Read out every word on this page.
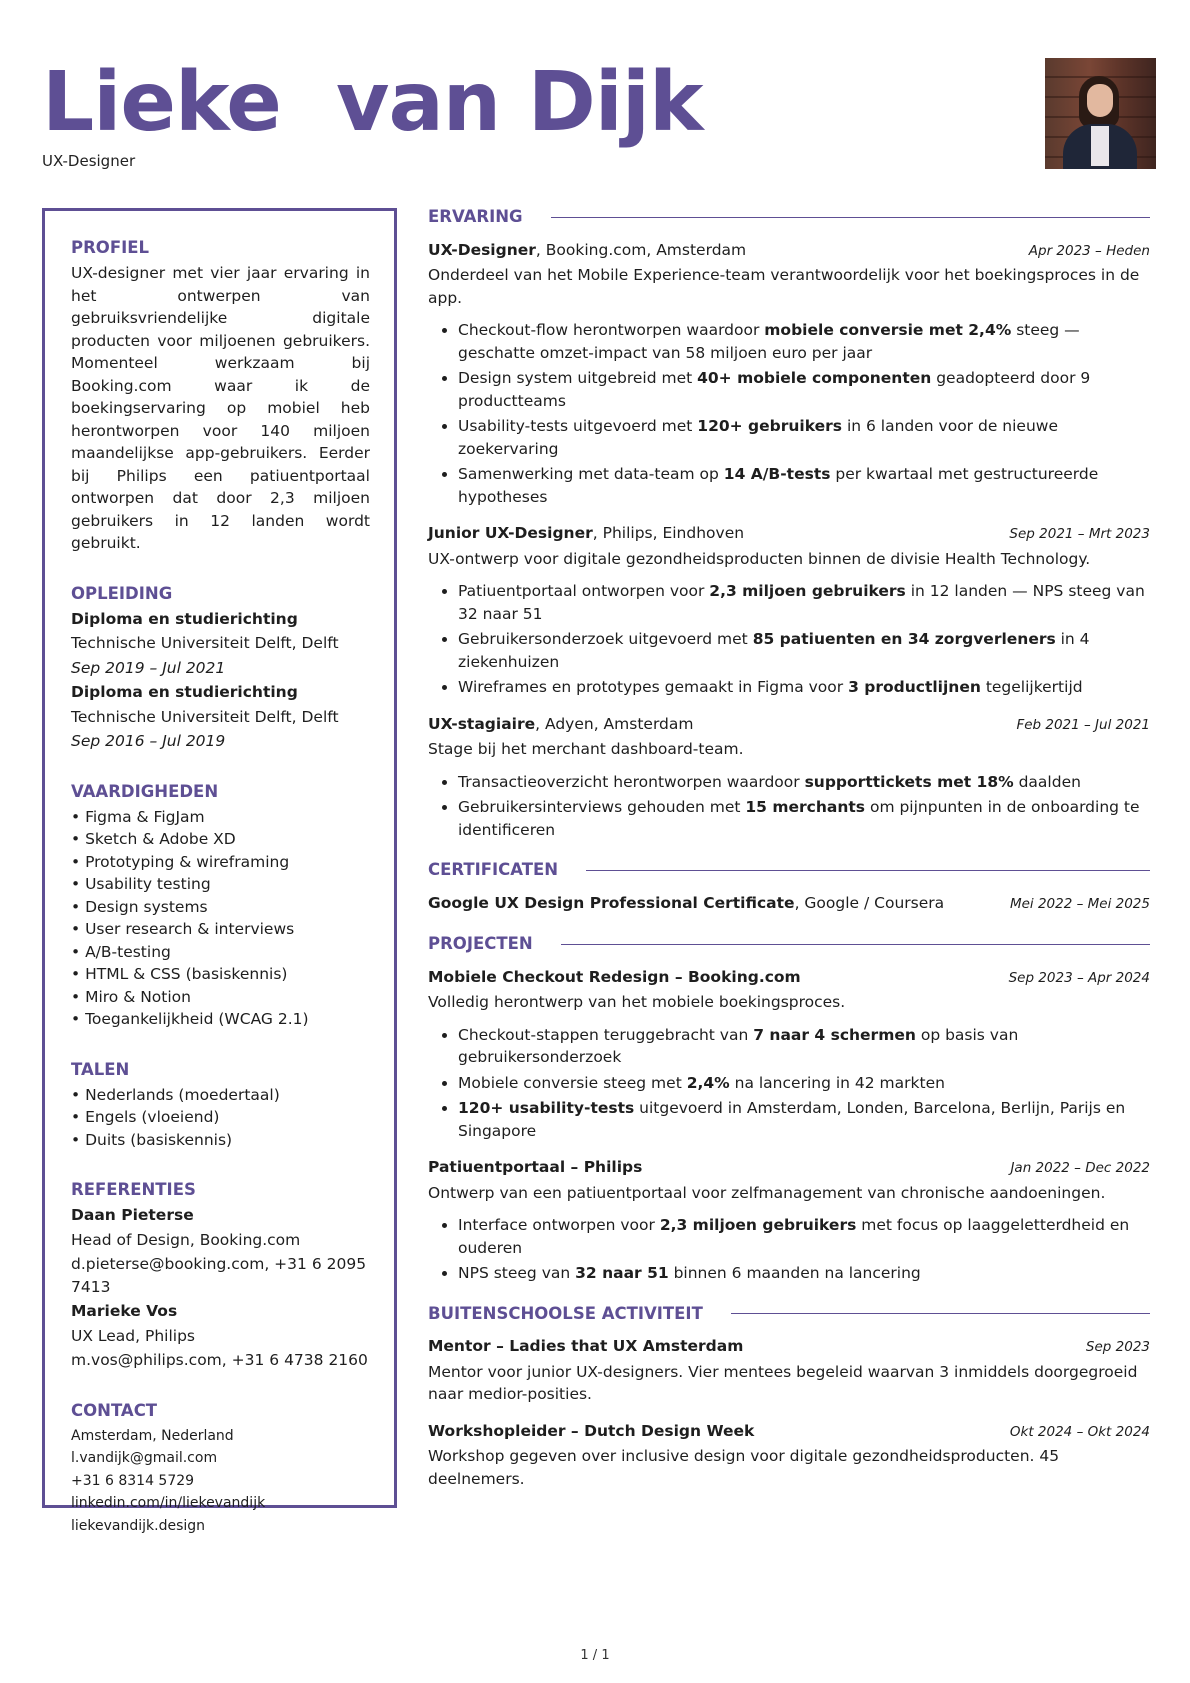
Lieke  van Dijk
UX-Designer
PROFIEL
UX-designer met vier jaar ervaring in het ontwerpen van gebruiksvriendelijke digitale producten voor miljoenen gebruikers. Momenteel werkzaam bij Booking.com waar ik de boekingservaring op mobiel heb herontworpen voor 140 miljoen maandelijkse app-gebruikers. Eerder bij Philips een patiuentportaal ontworpen dat door 2,3 miljoen gebruikers in 12 landen wordt gebruikt.
OPLEIDING
Diploma en studierichting
Technische Universiteit Delft, Delft
Sep 2019 – Jul 2021
Diploma en studierichting
Technische Universiteit Delft, Delft
Sep 2016 – Jul 2019
VAARDIGHEDEN
• Figma & FigJam
• Sketch & Adobe XD
• Prototyping & wireframing
• Usability testing
• Design systems
• User research & interviews
• A/B-testing
• HTML & CSS (basiskennis)
• Miro & Notion
• Toegankelijkheid (WCAG 2.1)
TALEN
• Nederlands (moedertaal)
• Engels (vloeiend)
• Duits (basiskennis)
REFERENTIES
Daan Pieterse
Head of Design, Booking.com
d.pieterse@booking.com, +31 6 2095 7413
Marieke Vos
UX Lead, Philips
m.vos@philips.com, +31 6 4738 2160
CONTACT
Amsterdam, Nederland
l.vandijk@gmail.com
+31 6 8314 5729
linkedin.com/in/liekevandijk
liekevandijk.design
ERVARING
UX-Designer, Booking.com, Amsterdam	Apr 2023 – Heden
Onderdeel van het Mobile Experience-team verantwoordelijk voor het boekingsproces in de app.
• Checkout-flow herontworpen waardoor mobiele conversie met 2,4% steeg — geschatte omzet-impact van 58 miljoen euro per jaar
• Design system uitgebreid met 40+ mobiele componenten geadopteerd door 9 productteams
• Usability-tests uitgevoerd met 120+ gebruikers in 6 landen voor de nieuwe zoekervaring
• Samenwerking met data-team op 14 A/B-tests per kwartaal met gestructureerde hypotheses
Junior UX-Designer, Philips, Eindhoven	Sep 2021 – Mrt 2023
UX-ontwerp voor digitale gezondheidsproducten binnen de divisie Health Technology.
• Patiuentportaal ontworpen voor 2,3 miljoen gebruikers in 12 landen — NPS steeg van 32 naar 51
• Gebruikersonderzoek uitgevoerd met 85 patiuenten en 34 zorgverleners in 4 ziekenhuizen
• Wireframes en prototypes gemaakt in Figma voor 3 productlijnen tegelijkertijd
UX-stagiaire, Adyen, Amsterdam	Feb 2021 – Jul 2021
Stage bij het merchant dashboard-team.
• Transactieoverzicht herontworpen waardoor supporttickets met 18% daalden
• Gebruikersinterviews gehouden met 15 merchants om pijnpunten in de onboarding te identificeren
CERTIFICATEN
Google UX Design Professional Certificate, Google / Coursera	Mei 2022 – Mei 2025
PROJECTEN
Mobiele Checkout Redesign – Booking.com	Sep 2023 – Apr 2024
Volledig herontwerp van het mobiele boekingsproces.
• Checkout-stappen teruggebracht van 7 naar 4 schermen op basis van gebruikersonderzoek
• Mobiele conversie steeg met 2,4% na lancering in 42 markten
• 120+ usability-tests uitgevoerd in Amsterdam, Londen, Barcelona, Berlijn, Parijs en Singapore
Patiuentportaal – Philips	Jan 2022 – Dec 2022
Ontwerp van een patiuentportaal voor zelfmanagement van chronische aandoeningen.
• Interface ontworpen voor 2,3 miljoen gebruikers met focus op laaggeletterdheid en ouderen
• NPS steeg van 32 naar 51 binnen 6 maanden na lancering
BUITENSCHOOLSE ACTIVITEIT
Mentor – Ladies that UX Amsterdam	Sep 2023
Mentor voor junior UX-designers. Vier mentees begeleid waarvan 3 inmiddels doorgegroeid naar medior-posities.
Workshopleider – Dutch Design Week	Okt 2024 – Okt 2024
Workshop gegeven over inclusive design voor digitale gezondheidsproducten. 45 deelnemers.
1 / 1
